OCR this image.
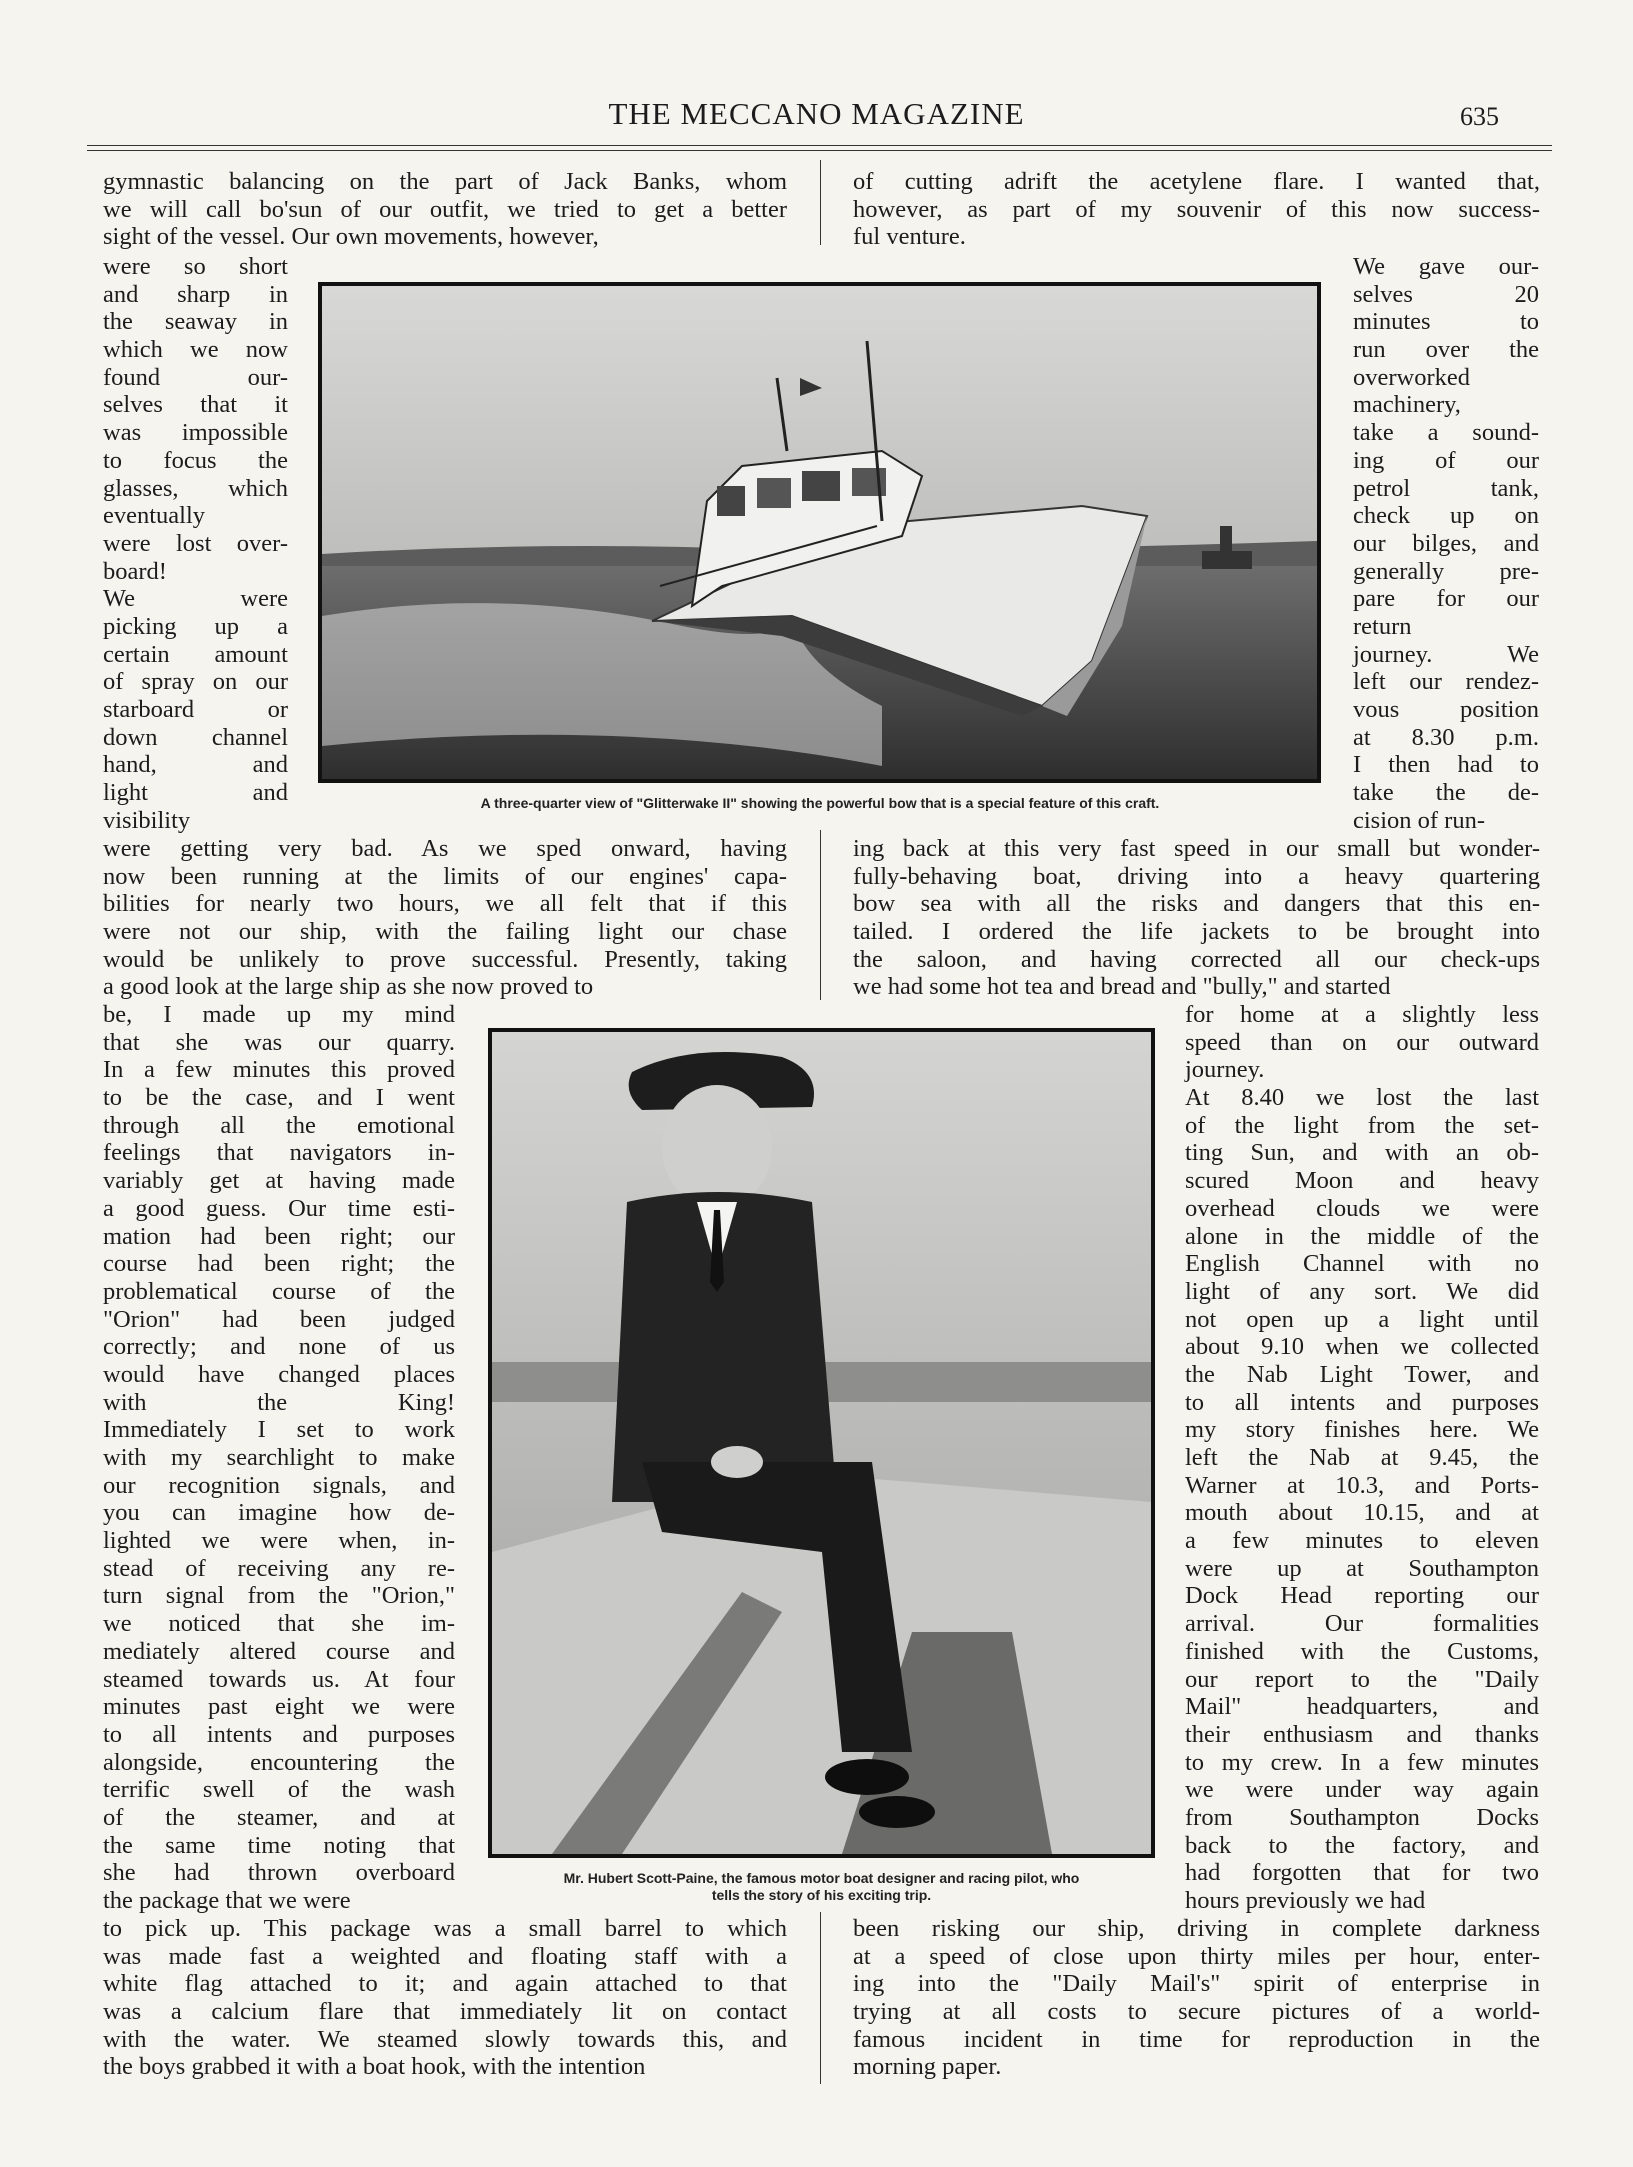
THE MECCANO MAGAZINE	635
gymnastic balancing on the part of Jack Banks, whom
we will call bo'sun of our outfit, we tried to get a better
sight of the vessel. Our own movements, however,
of cutting adrift the acetylene flare. I wanted that,
however, as part of my souvenir of this now success-
ful venture.
were so short
and sharp in
the seaway in
which we now
found our-
selves that it
was impossible
to focus the
glasses, which
eventually
were lost over-
board!
We were
picking up a
certain amount
of spray on our
starboard or
down channel
hand, and
light and
visibility
We gave our-
selves 20
minutes to
run over the
overworked
machinery,
take a sound-
ing of our
petrol tank,
check up on
our bilges, and
generally pre-
pare for our
return
journey. We
left our rendez-
vous position
at 8.30 p.m.
I then had to
take the de-
cision of run-
were getting very bad. As we sped onward, having
now been running at the limits of our engines' capa-
bilities for nearly two hours, we all felt that if this
were not our ship, with the failing light our chase
would be unlikely to prove successful. Presently, taking
a good look at the large ship as she now proved to
ing back at this very fast speed in our small but wonder-
fully-behaving boat, driving into a heavy quartering
bow sea with all the risks and dangers that this en-
tailed. I ordered the life jackets to be brought into
the saloon, and having corrected all our check-ups
we had some hot tea and bread and "bully," and started
be, I made up my mind
that she was our quarry.
In a few minutes this proved
to be the case, and I went
through all the emotional
feelings that navigators in-
variably get at having made
a good guess. Our time esti-
mation had been right; our
course had been right; the
problematical course of the
"Orion" had been judged
correctly; and none of us
would have changed places
with the King!
Immediately I set to work
with my searchlight to make
our recognition signals, and
you can imagine how de-
lighted we were when, in-
stead of receiving any re-
turn signal from the "Orion,"
we noticed that she im-
mediately altered course and
steamed towards us. At four
minutes past eight we were
to all intents and purposes
alongside, encountering the
terrific swell of the wash
of the steamer, and at
the same time noting that
she had thrown overboard
the package that we were
for home at a slightly less
speed than on our outward
journey.
At 8.40 we lost the last
of the light from the set-
ting Sun, and with an ob-
scured Moon and heavy
overhead clouds we were
alone in the middle of the
English Channel with no
light of any sort. We did
not open up a light until
about 9.10 when we collected
the Nab Light Tower, and
to all intents and purposes
my story finishes here. We
left the Nab at 9.45, the
Warner at 10.3, and Ports-
mouth about 10.15, and at
a few minutes to eleven
were up at Southampton
Dock Head reporting our
arrival. Our formalities
finished with the Customs,
our report to the "Daily
Mail" headquarters, and
their enthusiasm and thanks
to my crew. In a few minutes
we were under way again
from Southampton Docks
back to the factory, and
had forgotten that for two
hours previously we had
to pick up. This package was a small barrel to which
was made fast a weighted and floating staff with a
white flag attached to it; and again attached to that
was a calcium flare that immediately lit on contact
with the water. We steamed slowly towards this, and
the boys grabbed it with a boat hook, with the intention
been risking our ship, driving in complete darkness
at a speed of close upon thirty miles per hour, enter-
ing into the "Daily Mail's" spirit of enterprise in
trying at all costs to secure pictures of a world-
famous incident in time for reproduction in the
morning paper.
A three-quarter view of "Glitterwake II" showing the powerful bow that is a special feature of this craft.
Mr. Hubert Scott-Paine, the famous motor boat designer and racing pilot, who
tells the story of his exciting trip.
